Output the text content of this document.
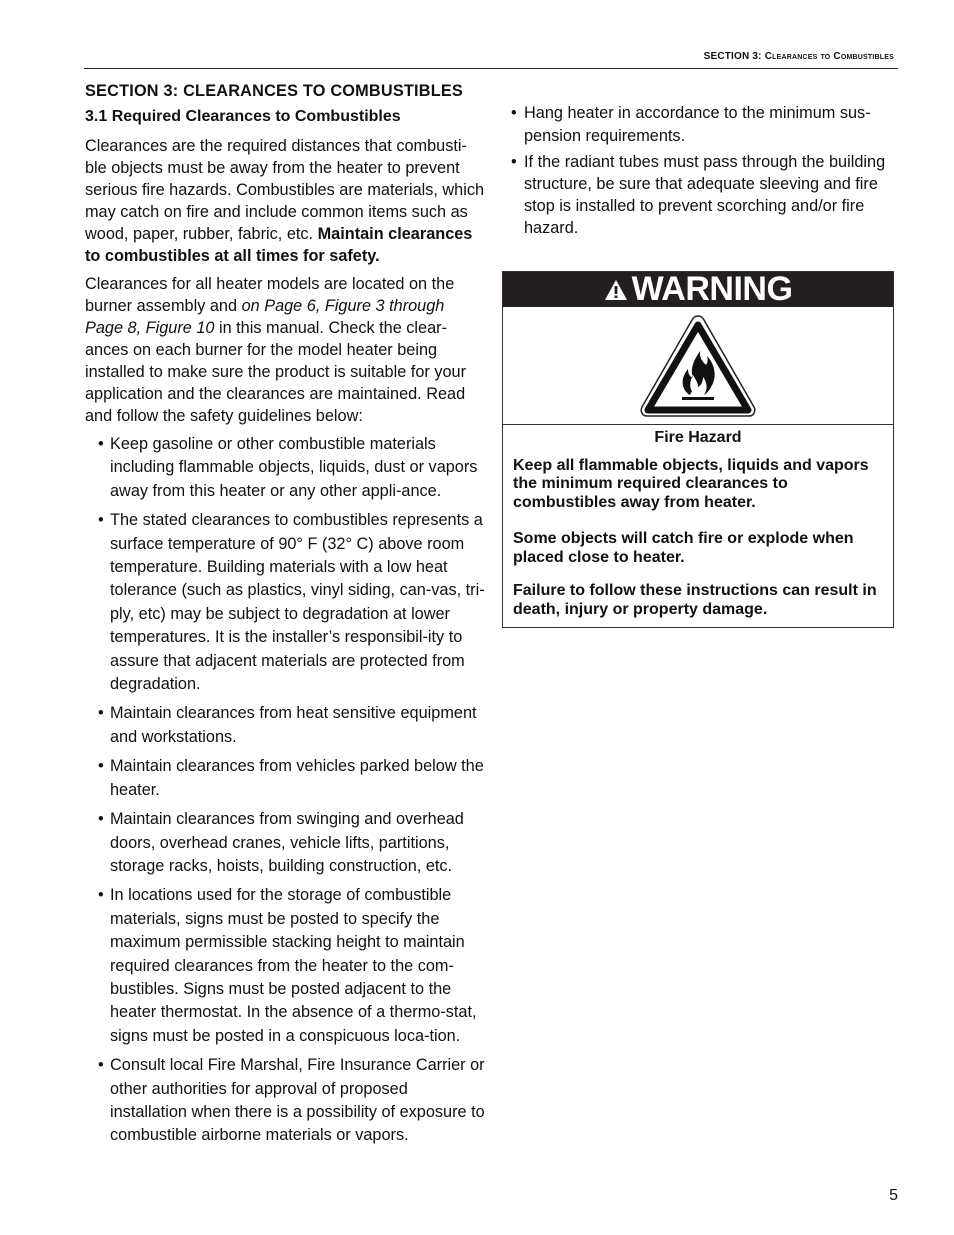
SECTION 3: Clearances to Combustibles
SECTION 3: CLEARANCES TO COMBUSTIBLES
3.1 Required Clearances to Combustibles

Clearances are the required distances that combusti-ble objects must be away from the heater to prevent serious fire hazards. Combustibles are materials, which may catch on fire and include common items such as wood, paper, rubber, fabric, etc. Maintain clearances to combustibles at all times for safety.

Clearances for all heater models are located on the burner assembly and on Page 6, Figure 3 through Page 8, Figure 10 in this manual. Check the clear-ances on each burner for the model heater being installed to make sure the product is suitable for your application and the clearances are maintained. Read and follow the safety guidelines below:

• Keep gasoline or other combustible materials including flammable objects, liquids, dust or vapors away from this heater or any other appli-ance.
• The stated clearances to combustibles represents a surface temperature of 90° F (32° C) above room temperature. Building materials with a low heat tolerance (such as plastics, vinyl siding, can-vas, tri-ply, etc) may be subject to degradation at lower temperatures. It is the installer’s responsibil-ity to assure that adjacent materials are protected from degradation.
• Maintain clearances from heat sensitive equipment and workstations.
• Maintain clearances from vehicles parked below the heater.
• Maintain clearances from swinging and overhead doors, overhead cranes, vehicle lifts, partitions, storage racks, hoists, building construction, etc.
• In locations used for the storage of combustible materials, signs must be posted to specify the maximum permissible stacking height to maintain required clearances from the heater to the com-bustibles. Signs must be posted adjacent to the heater thermostat. In the absence of a thermo-stat, signs must be posted in a conspicuous loca-tion.
• Consult local Fire Marshal, Fire Insurance Carrier or other authorities for approval of proposed installation when there is a possibility of exposure to combustible airborne materials or vapors.
• Hang heater in accordance to the minimum sus-pension requirements.
• If the radiant tubes must pass through the building structure, be sure that adequate sleeving and fire stop is installed to prevent scorching and/or fire hazard.
WARNING
Fire Hazard
Keep all flammable objects, liquids and vapors the minimum required clearances to combustibles away from heater.
Some objects will catch fire or explode when placed close to heater.
Failure to follow these instructions can result in death, injury or property damage.
5
